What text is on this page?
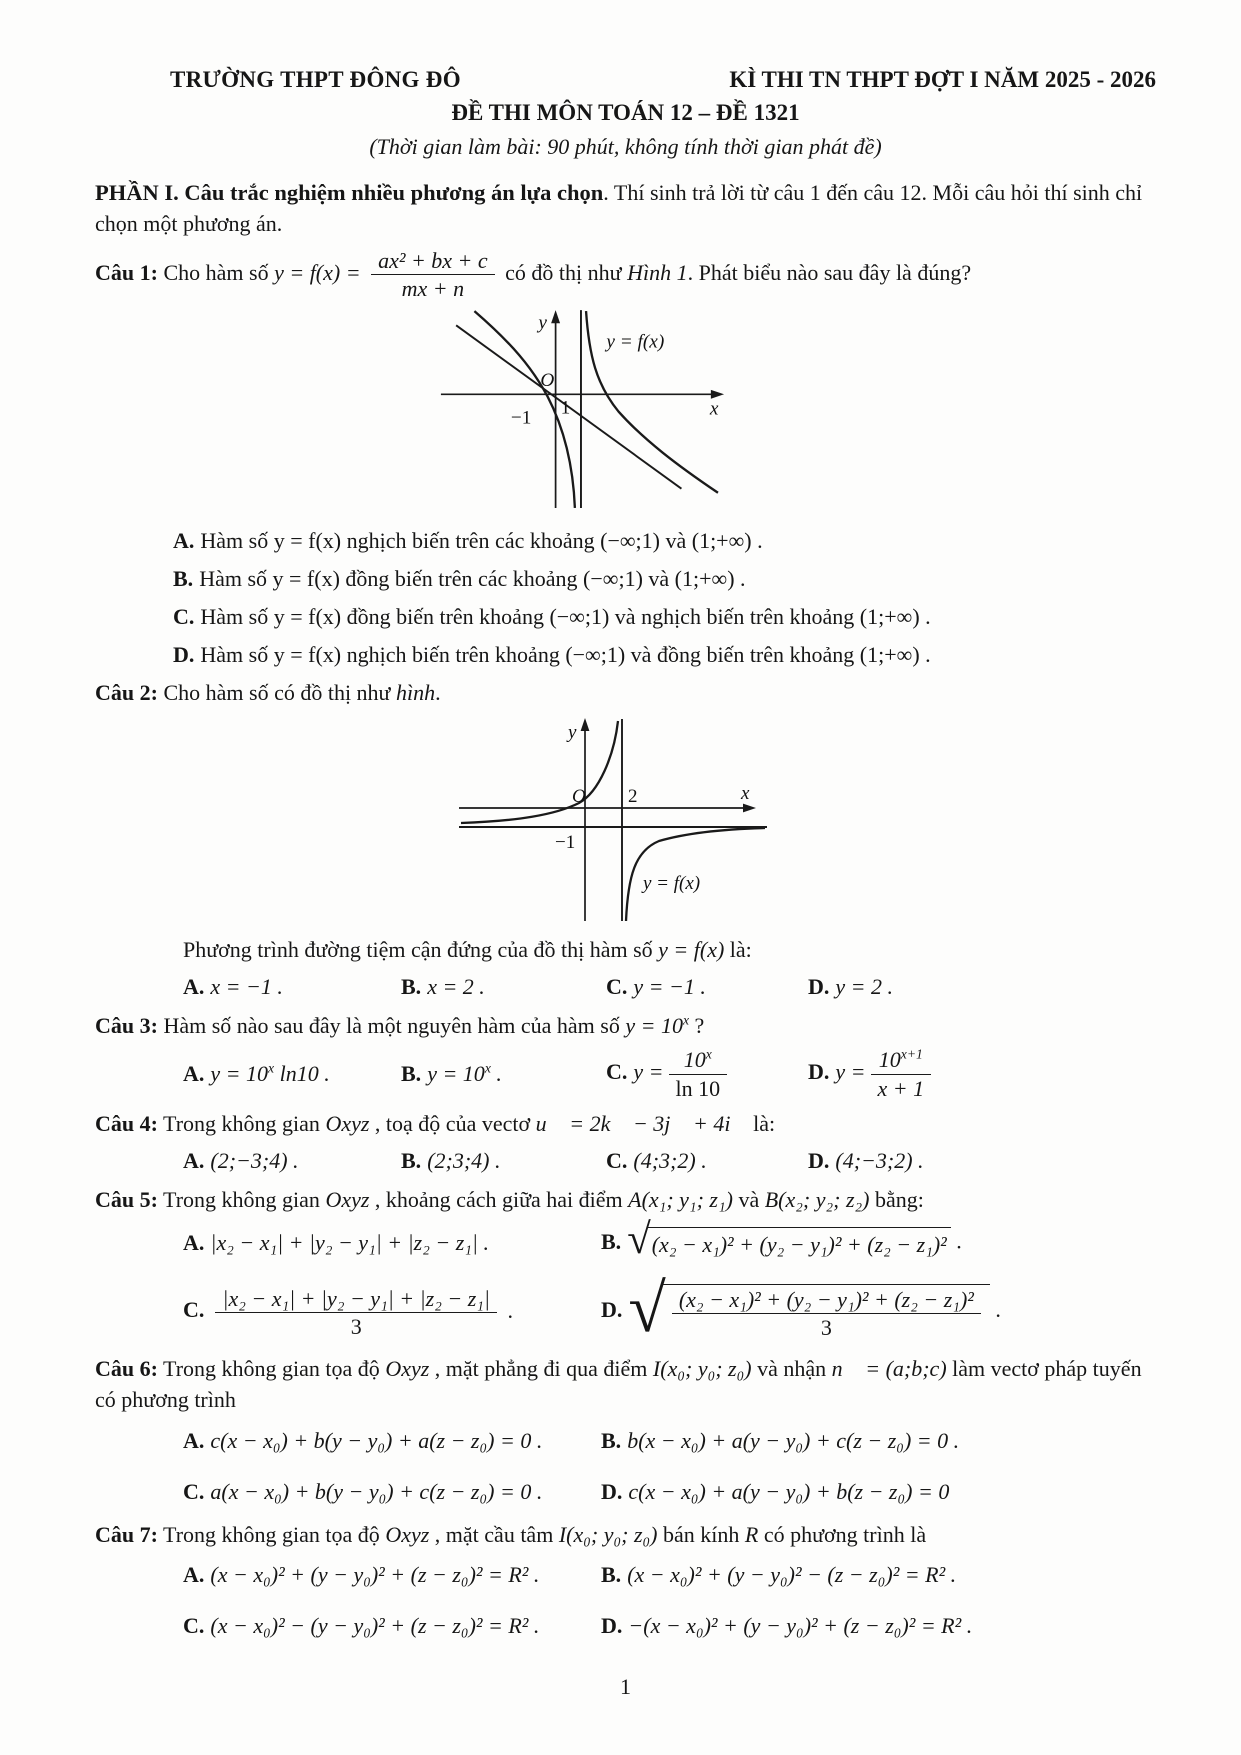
TRƯỜNG THPT ĐÔNG ĐÔ	KÌ THI TN THPT ĐỢT I NĂM 2025 - 2026
ĐỀ THI MÔN TOÁN 12 – ĐỀ 1321
(Thời gian làm bài: 90 phút, không tính thời gian phát đề)

PHẦN I. Câu trắc nghiệm nhiều phương án lựa chọn. Thí sinh trả lời từ câu 1 đến câu 12. Mỗi câu hỏi thí sinh chỉ chọn một phương án.

Câu 1: Cho hàm số $y = f(x) = \frac{\text{ax² + bx + c}}{mx + n}$ có đồ thị như Hình 1. Phát biểu nào sau đây là đúng?
y
O
x
1
−1
y = f(x)
A. Hàm số y = f(x) nghịch biến trên các khoảng (−∞;1) và (1;+∞) .
B. Hàm số y = f(x) đồng biến trên các khoảng (−∞;1) và (1;+∞) .
C. Hàm số y = f(x) đồng biến trên khoảng (−∞;1) và nghịch biến trên khoảng (1;+∞) .
D. Hàm số y = f(x) nghịch biến trên khoảng (−∞;1) và đồng biến trên khoảng (1;+∞) .
Câu 2: Cho hàm số có đồ thị như hình.
y
O	x
2
−1
y = f(x)
Phương trình đường tiệm cận đứng của đồ thị hàm số y = f(x) là:
A. x = −1 .	B. x = 2 .	C. y = −1 .	D. y = 2 .
Câu 3: Hàm số nào sau đây là một nguyên hàm của hàm số $y = 10^x$ ?
A. $y = 10^x$ ln10 .	B. $y = 10^x$ .	C. $y = \frac{10^x}{\ln 10}$	D. $y = \frac{10^{x+1}}{x + 1}$
Câu 4: Trong không gian Oxyz , toạ độ của vectơ u⃗ = 2k⃗ − 3j⃗ + 4i⃗ là:
A. (2;−3;4) .	B. (2;3;4) .	C. (4;3;2) .	D. (4;−3;2) .
Câu 5: Trong không gian Oxyz , khoảng cách giữa hai điểm A(x₁; y₁; z₁) và B(x₂; y₂; z₂) bằng:
A. |x₂ − x₁| + |y₂ − y₁| + |z₂ − z₁| .	B. √ (x₂ − x₁)² + (y₂ − y₁)² + (z₂ − z₁)² .
C. $\frac{\text{|x₂ − x₁| + |y₂ − y₁| + |z₂ − z₁|}}{3}$ .	D. √ $\frac{\text{(x₂ − x₁)² + (y₂ − y₁)² + (z₂ − z₁)²}}{3}$ .
Câu 6: Trong không gian tọa độ Oxyz , mặt phẳng đi qua điểm I(x₀; y₀; z₀) và nhận n⃗ = (a;b;c) làm vectơ pháp tuyến có phương trình
A. c(x − x₀) + b(y − y₀) + a(z − z₀) = 0 .	B. b(x − x₀) + a(y − y₀) + c(z − z₀) = 0 .
C. a(x − x₀) + b(y − y₀) + c(z − z₀) = 0 .	D. c(x − x₀) + a(y − y₀) + b(z − z₀) = 0
Câu 7: Trong không gian tọa độ Oxyz , mặt cầu tâm I(x₀; y₀; z₀) bán kính R có phương trình là
A. (x − x₀)² + (y − y₀)² + (z − z₀)² = R² .	B. (x − x₀)² + (y − y₀)² − (z − z₀)² = R² .
C. (x − x₀)² − (y − y₀)² + (z − z₀)² = R² .	D. −(x − x₀)² + (y − y₀)² + (z − z₀)² = R² .
1
